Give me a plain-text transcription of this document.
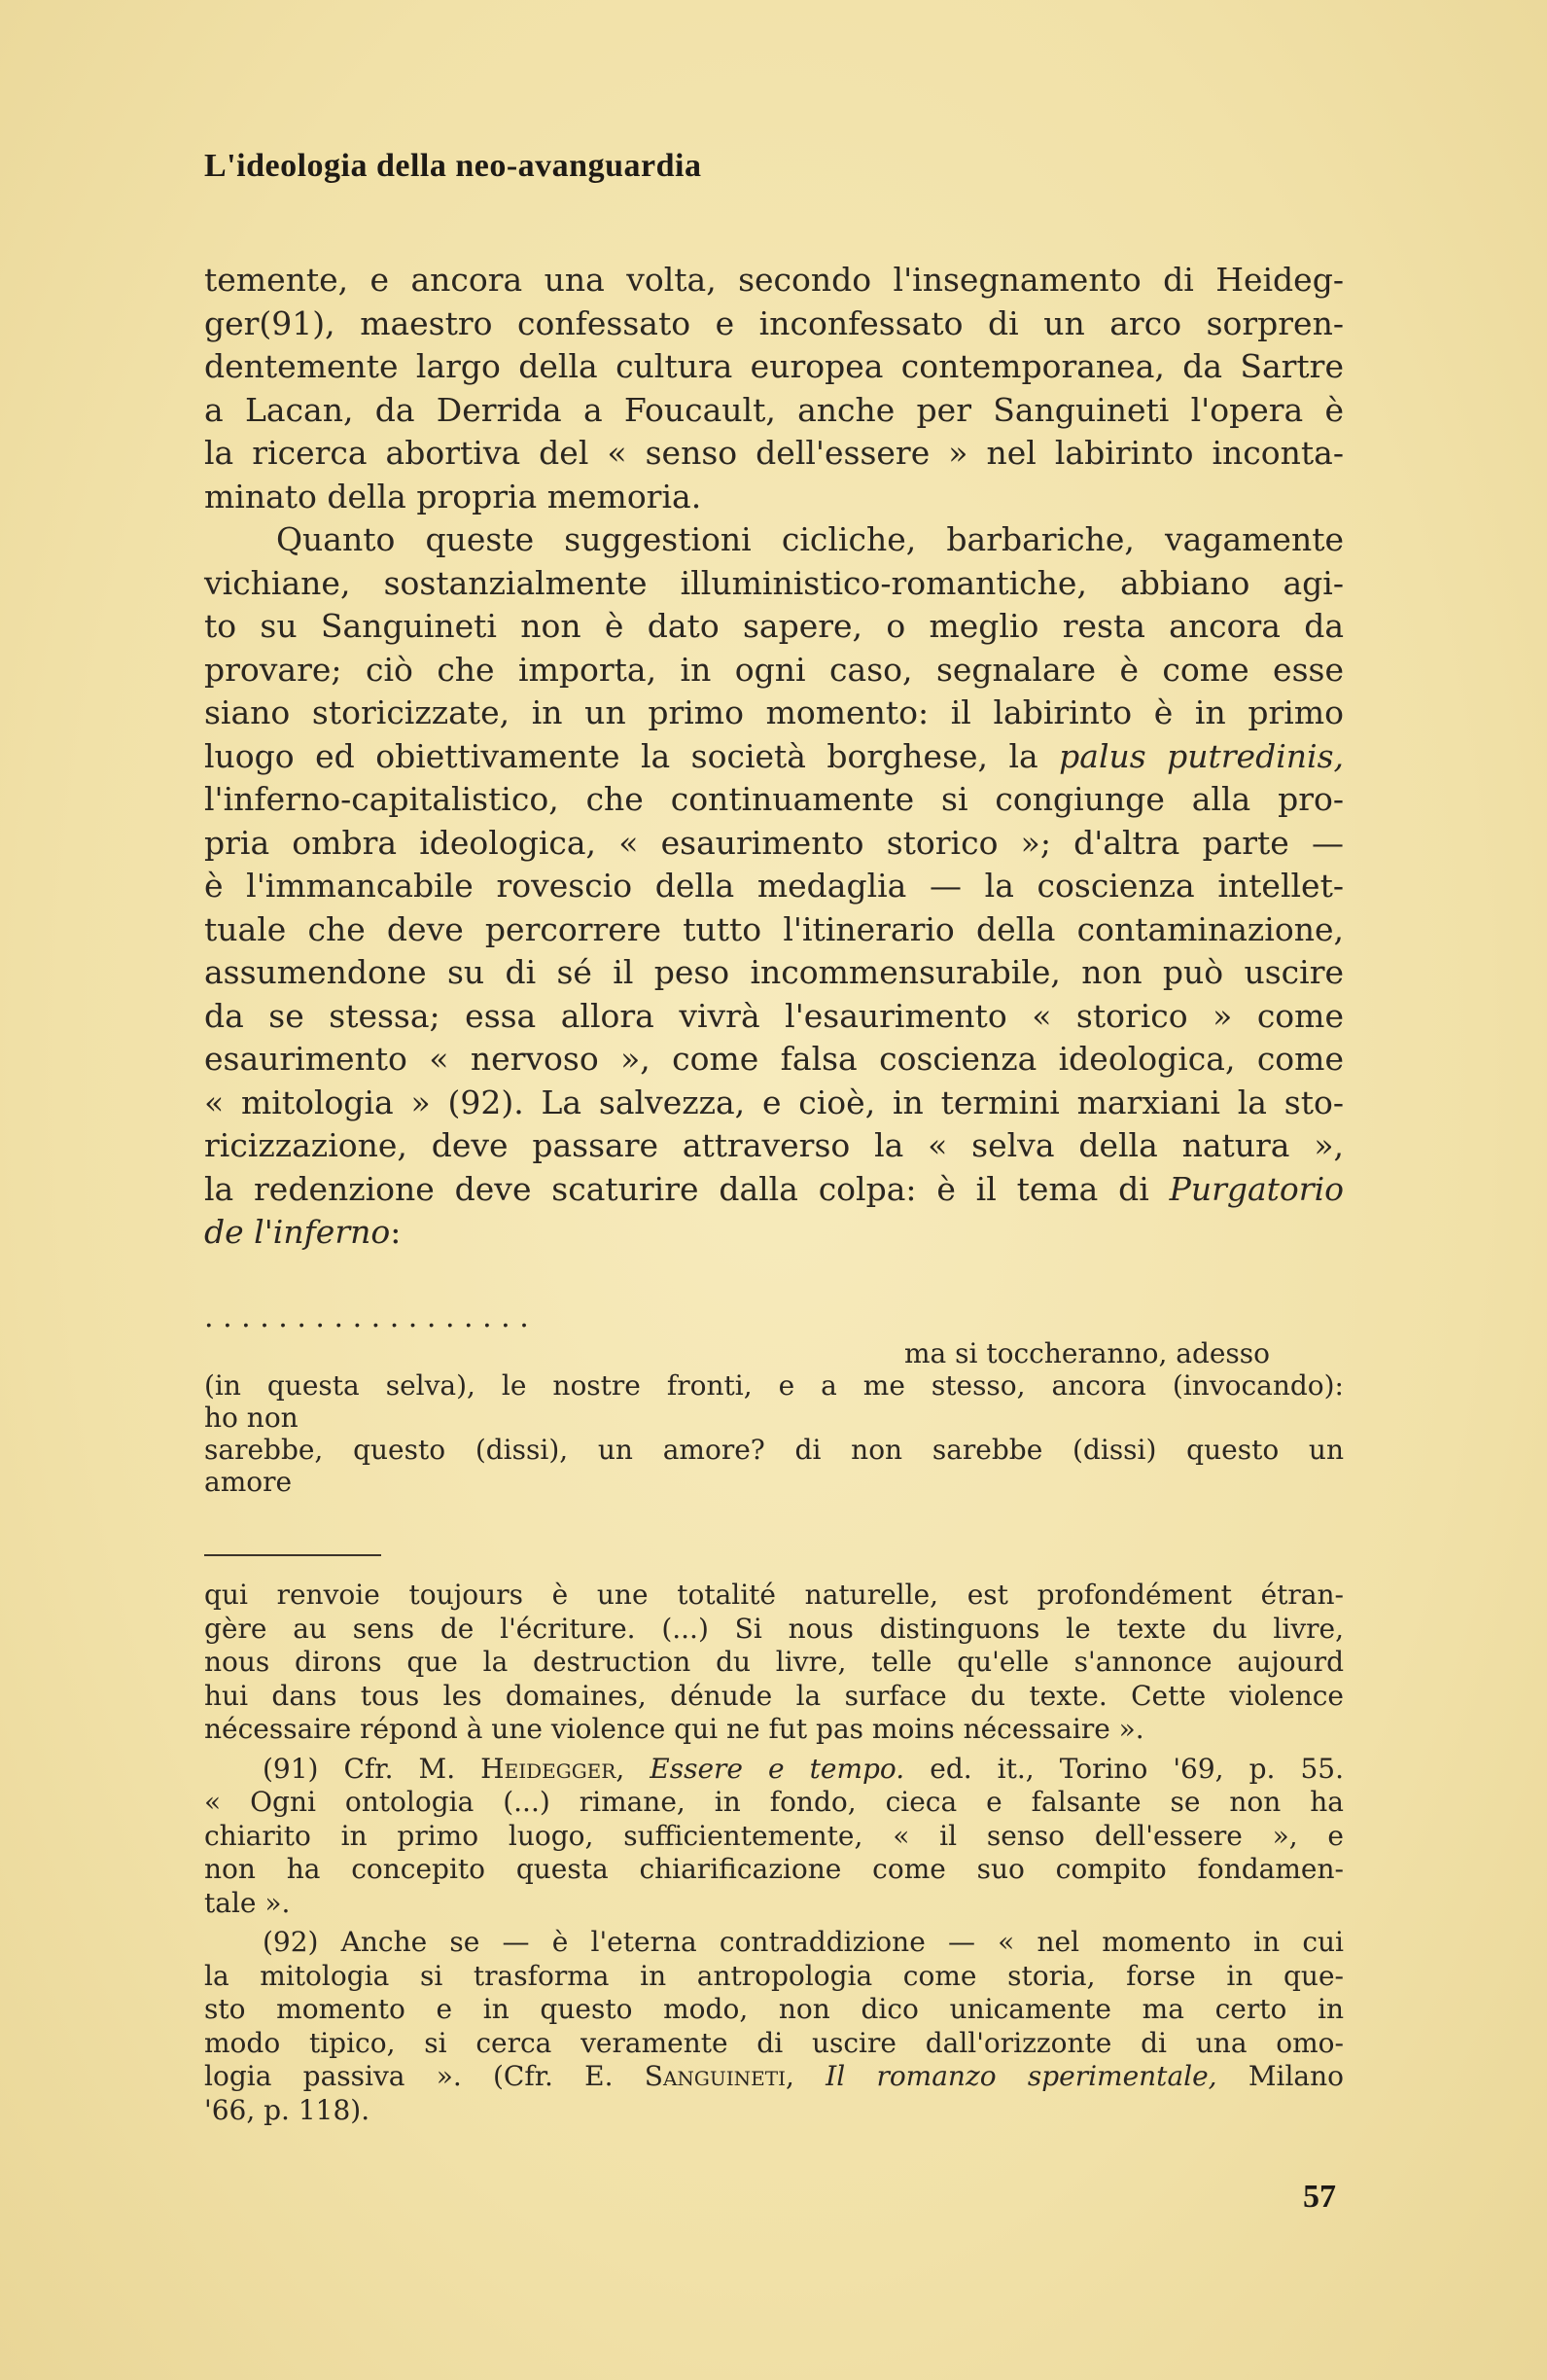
L'ideologia della neo-avanguardia
temente, e ancora una volta, secondo l'insegnamento di Heideg-
ger(91), maestro confessato e inconfessato di un arco sorpren-
dentemente largo della cultura europea contemporanea, da Sartre
a Lacan, da Derrida a Foucault, anche per Sanguineti l'opera è
la ricerca abortiva del « senso dell'essere » nel labirinto inconta-
minato della propria memoria.
Quanto queste suggestioni cicliche, barbariche, vagamente
vichiane, sostanzialmente illuministico-romantiche, abbiano agi-
to su Sanguineti non è dato sapere, o meglio resta ancora da
provare; ciò che importa, in ogni caso, segnalare è come esse
siano storicizzate, in un primo momento: il labirinto è in primo
luogo ed obiettivamente la società borghese, la palus putredinis,
l'inferno-capitalistico, che continuamente si congiunge alla pro-
pria ombra ideologica, « esaurimento storico »; d'altra parte —
è l'immancabile rovescio della medaglia — la coscienza intellet-
tuale che deve percorrere tutto l'itinerario della contaminazione,
assumendone su di sé il peso incommensurabile, non può uscire
da se stessa; essa allora vivrà l'esaurimento « storico » come
esaurimento « nervoso », come falsa coscienza ideologica, come
« mitologia » (92). La salvezza, e cioè, in termini marxiani la sto-
ricizzazione, deve passare attraverso la « selva della natura »,
la redenzione deve scaturire dalla colpa: è il tema di Purgatorio
de l'inferno:
. . . . . . . . . . . . . . . . . .
ma si toccheranno, adesso
(in questa selva), le nostre fronti, e a me stesso, ancora (invocando):
ho non
sarebbe, questo (dissi), un amore? di non sarebbe (dissi) questo un
amore
qui renvoie toujours è une totalité naturelle, est profondément étran-
gère au sens de l'écriture. (...) Si nous distinguons le texte du livre,
nous dirons que la destruction du livre, telle qu'elle s'annonce aujourd
hui dans tous les domaines, dénude la surface du texte. Cette violence
nécessaire répond à une violence qui ne fut pas moins nécessaire ».
(91) Cfr. M. Heidegger, Essere e tempo. ed. it., Torino '69, p. 55.
« Ogni ontologia (...) rimane, in fondo, cieca e falsante se non ha
chiarito in primo luogo, sufficientemente, « il senso dell'essere », e
non ha concepito questa chiarificazione come suo compito fondamen-
tale ».
(92) Anche se — è l'eterna contraddizione — « nel momento in cui
la mitologia si trasforma in antropologia come storia, forse in que-
sto momento e in questo modo, non dico unicamente ma certo in
modo tipico, si cerca veramente di uscire dall'orizzonte di una omo-
logia passiva ». (Cfr. E. Sanguineti, Il romanzo sperimentale, Milano
'66, p. 118).
57
